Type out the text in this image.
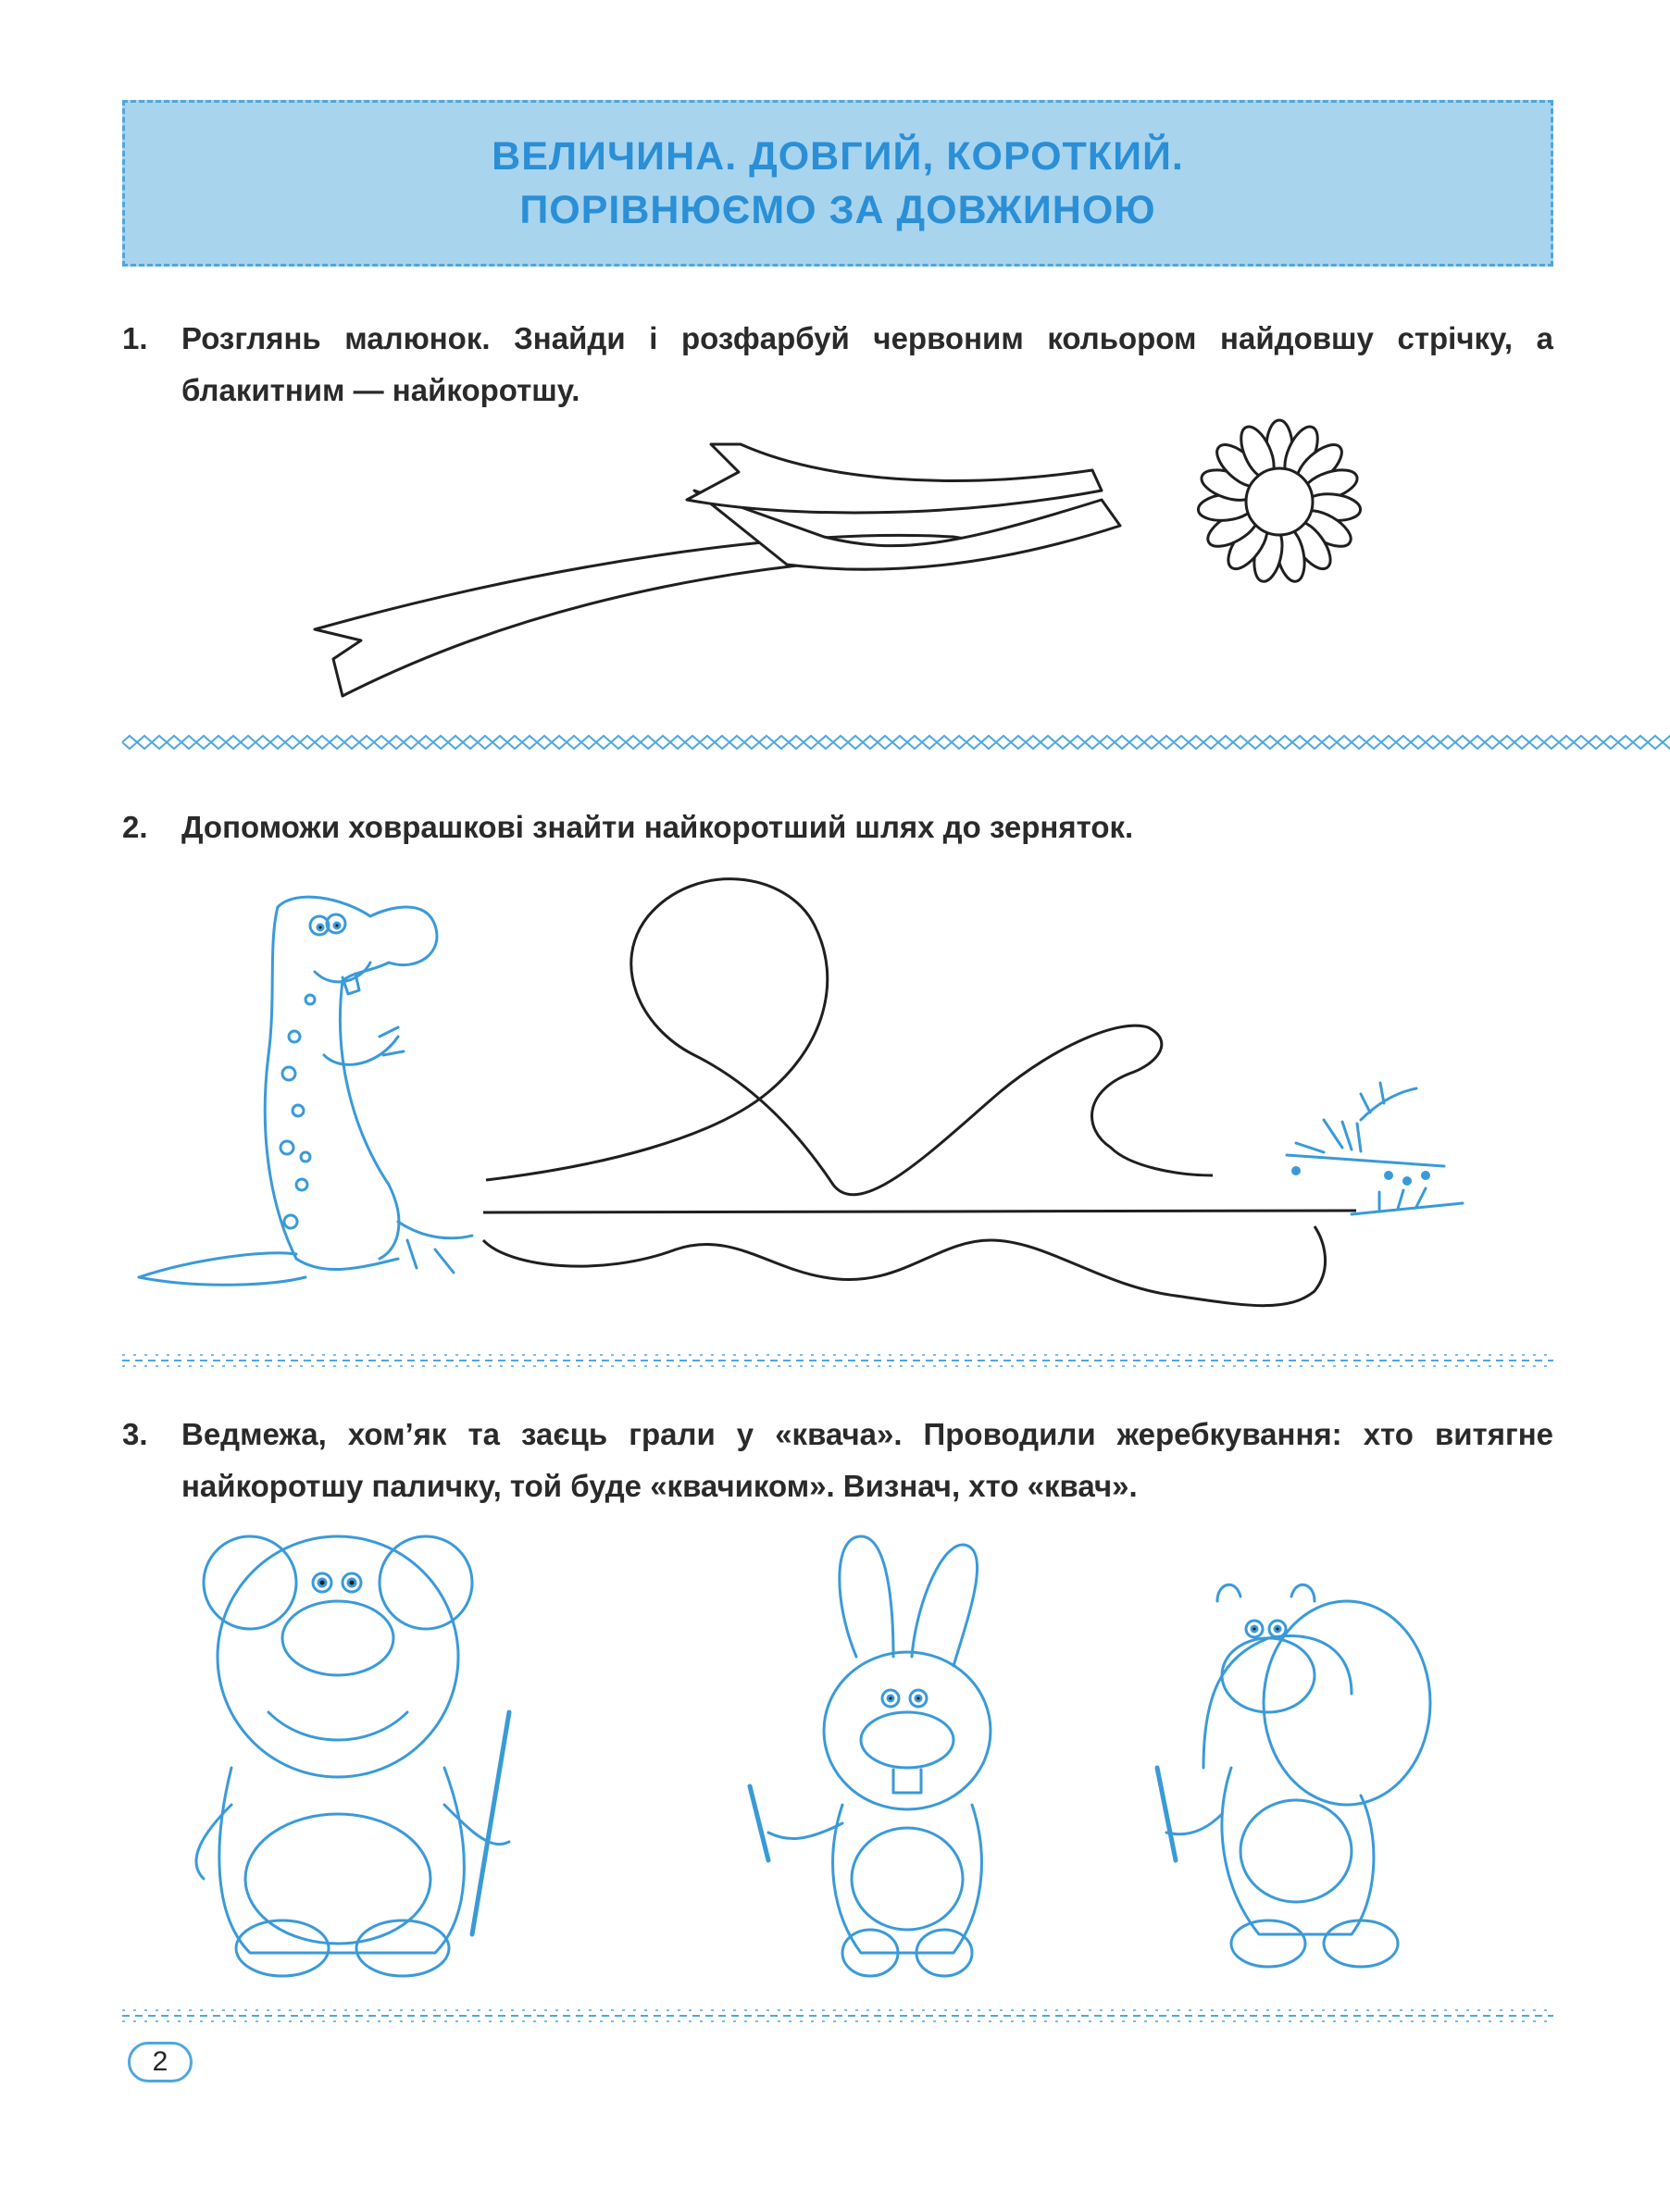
ВЕЛИЧИНА. ДОВГИЙ, КОРОТКИЙ.
ПОРІВНЮЄМО ЗА ДОВЖИНОЮ
1. Розглянь малюнок. Знайди і розфарбуй червоним кольором найдовшу стрічку, а блакитним — найкоротшу.
2. Допоможи ховрашкові знайти найкоротший шлях до зерняток.
3. Ведмежа, хом’як та заєць грали у «квача». Проводили жеребкування: хто витягне найкоротшу паличку, той буде «квачиком». Визнач, хто «квач».
2
